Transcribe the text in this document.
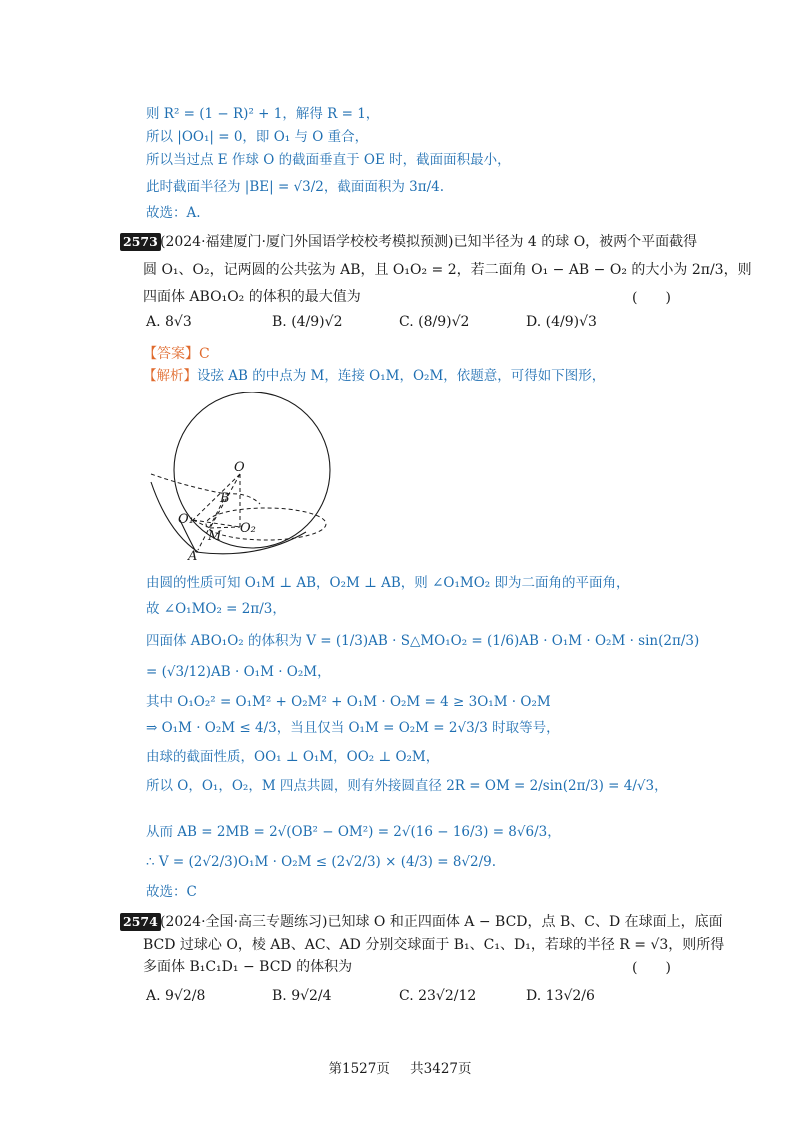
则 R² = (1 − R)² + 1，解得 R = 1，
所以 |OO₁| = 0，即 O₁ 与 O 重合，
所以当过点 E 作球 O 的截面垂直于 OE 时，截面面积最小，
此时截面半径为 |BE| = √3/2，截面面积为 3π/4.
故选：A.
2573 (2024·福建厦门·厦门外国语学校校考模拟预测)已知半径为 4 的球 O，被两个平面截得
圆 O₁、O₂，记两圆的公共弦为 AB，且 O₁O₂ = 2，若二面角 O₁ − AB − O₂ 的大小为 2π/3，则
四面体 ABO₁O₂ 的体积的最大值为	(　　)
A. 8√3	B. (4/9)√2	C. (8/9)√2	D. (4/9)√3
【答案】C
【解析】设弦 AB 的中点为 M，连接 O₁M，O₂M，依题意，可得如下图形，
O
B
O₁
O₂
M
A
由圆的性质可知 O₁M ⊥ AB，O₂M ⊥ AB，则 ∠O₁MO₂ 即为二面角的平面角，
故 ∠O₁MO₂ = 2π/3，
四面体 ABO₁O₂ 的体积为 V = (1/3)AB · S△MO₁O₂ = (1/6)AB · O₁M · O₂M · sin(2π/3)
= (√3/12)AB · O₁M · O₂M，
其中 O₁O₂² = O₁M² + O₂M² + O₁M · O₂M = 4 ≥ 3O₁M · O₂M
⇒ O₁M · O₂M ≤ 4/3，当且仅当 O₁M = O₂M = 2√3/3 时取等号，
由球的截面性质，OO₁ ⊥ O₁M，OO₂ ⊥ O₂M，
所以 O，O₁，O₂，M 四点共圆，则有外接圆直径 2R = OM = 2/sin(2π/3) = 4/√3，
从而 AB = 2MB = 2√(OB² − OM²) = 2√(16 − 16/3) = 8√6/3，
∴ V = (2√2/3)O₁M · O₂M ≤ (2√2/3) × (4/3) = 8√2/9.
故选：C
2574 (2024·全国·高三专题练习)已知球 O 和正四面体 A − BCD，点 B、C、D 在球面上，底面
BCD 过球心 O，棱 AB、AC、AD 分别交球面于 B₁、C₁、D₁，若球的半径 R = √3，则所得
多面体 B₁C₁D₁ − BCD 的体积为	(　　)
A. 9√2/8	B. 9√2/4	C. 23√2/12	D. 13√2/6
第1527页 共3427页
